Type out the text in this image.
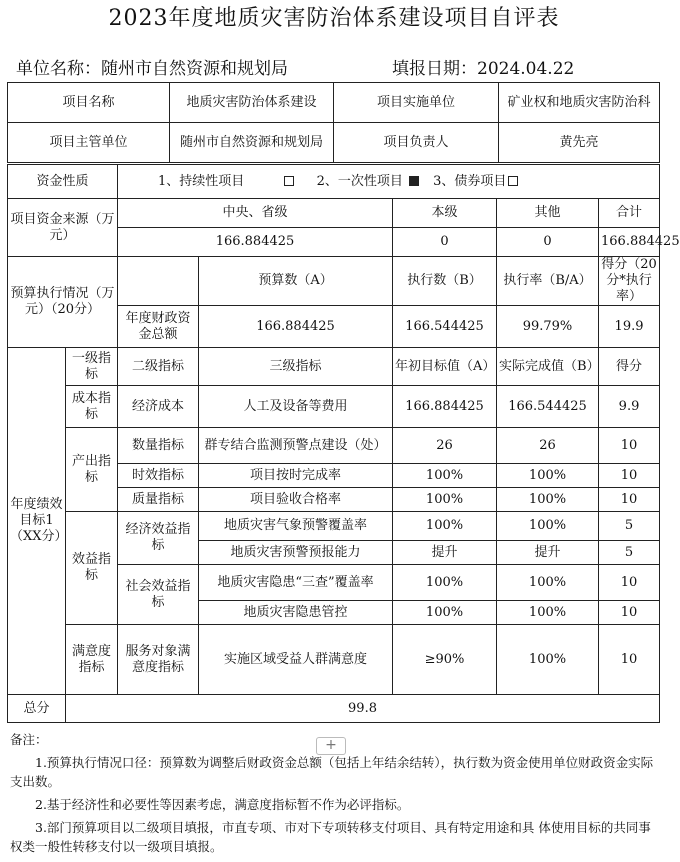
2023年度地质灾害防治体系建设项目自评表
单位名称：随州市自然资源和规划局	填报日期：2024.04.22
项目名称	地质灾害防治体系建设	项目实施单位	矿业权和地质灾害防治科
项目主管单位	随州市自然资源和规划局	项目负责人	黄先亮
资金性质		1、持续性项目 2、一次性项目 3、债券项目				
项目资金来源（万元）		中央、省级		本级	其他	合计
		166.884425		0	0	166.884425
预算执行情况（万元）（20分）			预算数（A）	执行数（B）	执行率（B/A）	得分（20分*执行率）
		年度财政资金总额	166.884425	166.544425	99.79%	19.9
年度绩效目标1（XX分）	一级指标	二级指标	三级指标	年初目标值（A）	实际完成值（B）	得分
	成本指标	经济成本	人工及设备等费用	166.884425	166.544425	9.9
	产出指标	数量指标	群专结合监测预警点建设（处）	26	26	10
		时效指标	项目按时完成率	100%	100%	10
		质量指标	项目验收合格率	100%	100%	10
	效益指标	经济效益指标	地质灾害气象预警覆盖率	100%	100%	5
			地质灾害预警预报能力	提升	提升	5
		社会效益指标	地质灾害隐患“三查”覆盖率	100%	100%	10
			地质灾害隐患管控	100%	100%	10
	满意度指标	服务对象满意度指标	实施区域受益人群满意度	≥90%	100%	10
总分	99.8					
+

备注：

1.预算执行情况口径：预算数为调整后财政资金总额（包括上年结余结转），执行数为资金使用单位财政资金实际支出数。

2.基于经济性和必要性等因素考虑，满意度指标暂不作为必评指标。

3.部门预算项目以二级项目填报，市直专项、市对下专项转移支付项目、具有特定用途和具 体使用目标的共同事权类一般性转移支付以一级项目填报。
